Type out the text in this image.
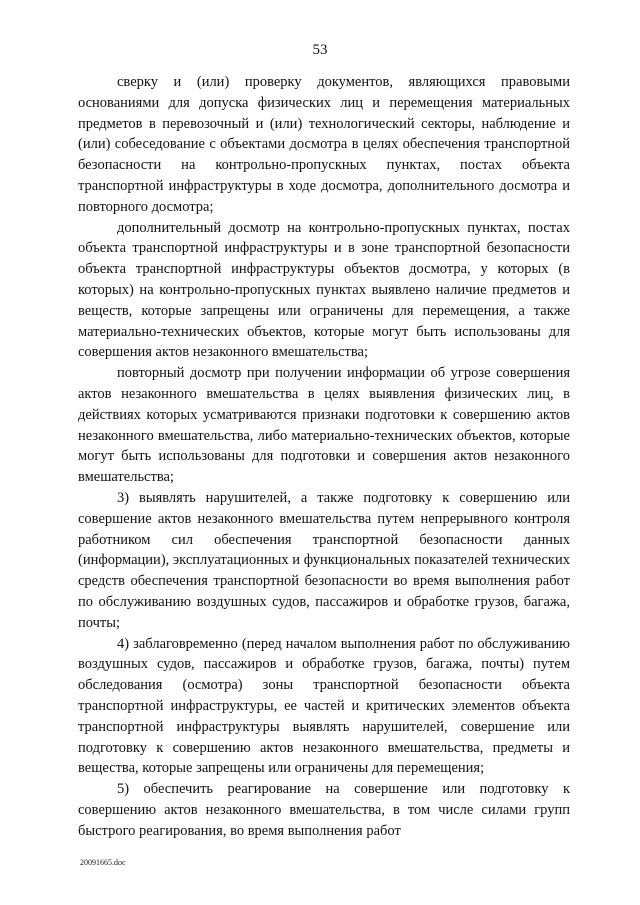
53

сверку и (или) проверку документов, являющихся правовыми основаниями для допуска физических лиц и перемещения материальных предметов в перевозочный и (или) технологический секторы, наблюдение и (или) собеседование с объектами досмотра в целях обеспечения транспортной безопасности на контрольно-пропускных пунктах, постах объекта транспортной инфраструктуры в ходе досмотра, дополнительного досмотра и повторного досмотра;

дополнительный досмотр на контрольно-пропускных пунктах, постах объекта транспортной инфраструктуры и в зоне транспортной безопасности объекта транспортной инфраструктуры объектов досмотра, у которых (в которых) на контрольно-пропускных пунктах выявлено наличие предметов и веществ, которые запрещены или ограничены для перемещения, а также материально-технических объектов, которые могут быть использованы для совершения актов незаконного вмешательства;

повторный досмотр при получении информации об угрозе совершения актов незаконного вмешательства в целях выявления физических лиц, в действиях которых усматриваются признаки подготовки к совершению актов незаконного вмешательства, либо материально-технических объектов, которые могут быть использованы для подготовки и совершения актов незаконного вмешательства;

3) выявлять нарушителей, а также подготовку к совершению или совершение актов незаконного вмешательства путем непрерывного контроля работником сил обеспечения транспортной безопасности данных (информации), эксплуатационных и функциональных показателей технических средств обеспечения транспортной безопасности во время выполнения работ по обслуживанию воздушных судов, пассажиров и обработке грузов, багажа, почты;

4) заблаговременно (перед началом выполнения работ по обслуживанию воздушных судов, пассажиров и обработке грузов, багажа, почты) путем обследования (осмотра) зоны транспортной безопасности объекта транспортной инфраструктуры, ее частей и критических элементов объекта транспортной инфраструктуры выявлять нарушителей, совершение или подготовку к совершению актов незаконного вмешательства, предметы и вещества, которые запрещены или ограничены для перемещения;

5) обеспечить реагирование на совершение или подготовку к совершению актов незаконного вмешательства, в том числе силами групп быстрого реагирования, во время выполнения работ

20091665.doc
